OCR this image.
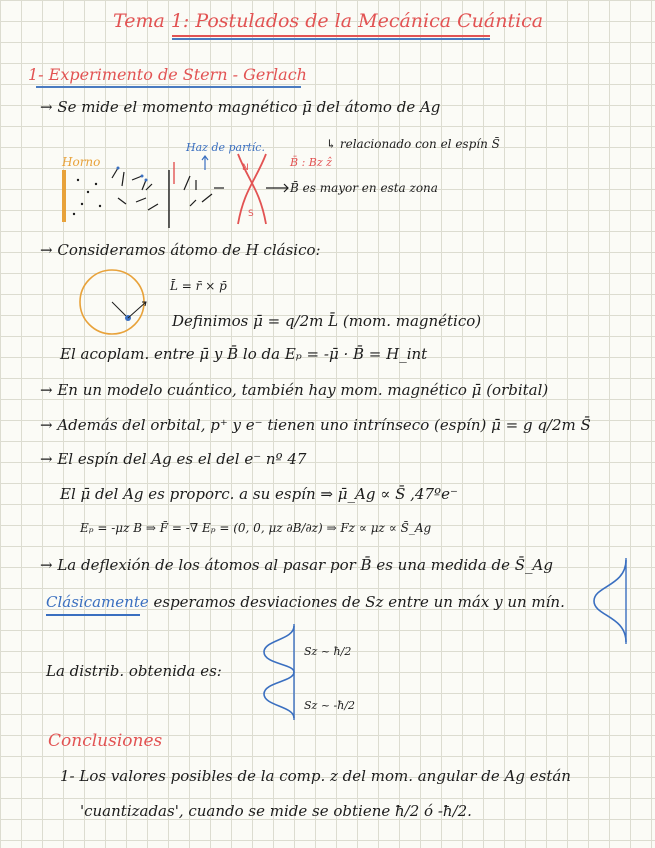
Tema 1: Postulados de la Mecánica Cuántica
1- Experimento de Stern - Gerlach
→ Se mide el momento magnético μ̄ del átomo de Ag
↳ relacionado con el espín S̄
N
S
Horno
Haz de partíc.
B̄ : Bz ẑ
B̄ es mayor en esta zona
→ Consideramos átomo de H clásico:
L̄ = r̄ × p̄
Definimos μ̄ = q/2m L̄ (mom. magnético)
El acoplam. entre μ̄ y B̄ lo da Eₚ = -μ̄ · B̄ = H_int
→ En un modelo cuántico, también hay mom. magnético μ̄ (orbital)
→ Además del orbital, p⁺ y e⁻ tienen uno intrínseco (espín) μ̄ = g q/2m S̄
→ El espín del Ag es el del e⁻ nº 47
El μ̄ del Ag es proporc. a su espín ⇒ μ̄_Ag ∝ S̄ ,47ºe⁻
Eₚ = -μz B ⇒ F̄ = -∇̄ Eₚ = (0, 0, μz ∂B/∂z) ⇒ Fz ∝ μz ∝ S̄_Ag
→ La deflexión de los átomos al pasar por B̄ es una medida de S̄_Ag
Clásicamente esperamos desviaciones de Sz entre un máx y un mín.
La distrib. obtenida es:
Sz ~ ħ/2
Sz ~ -ħ/2
Conclusiones
1- Los valores posibles de la comp. z del mom. angular de Ag están
'cuantizadas', cuando se mide se obtiene ħ/2 ó -ħ/2.
